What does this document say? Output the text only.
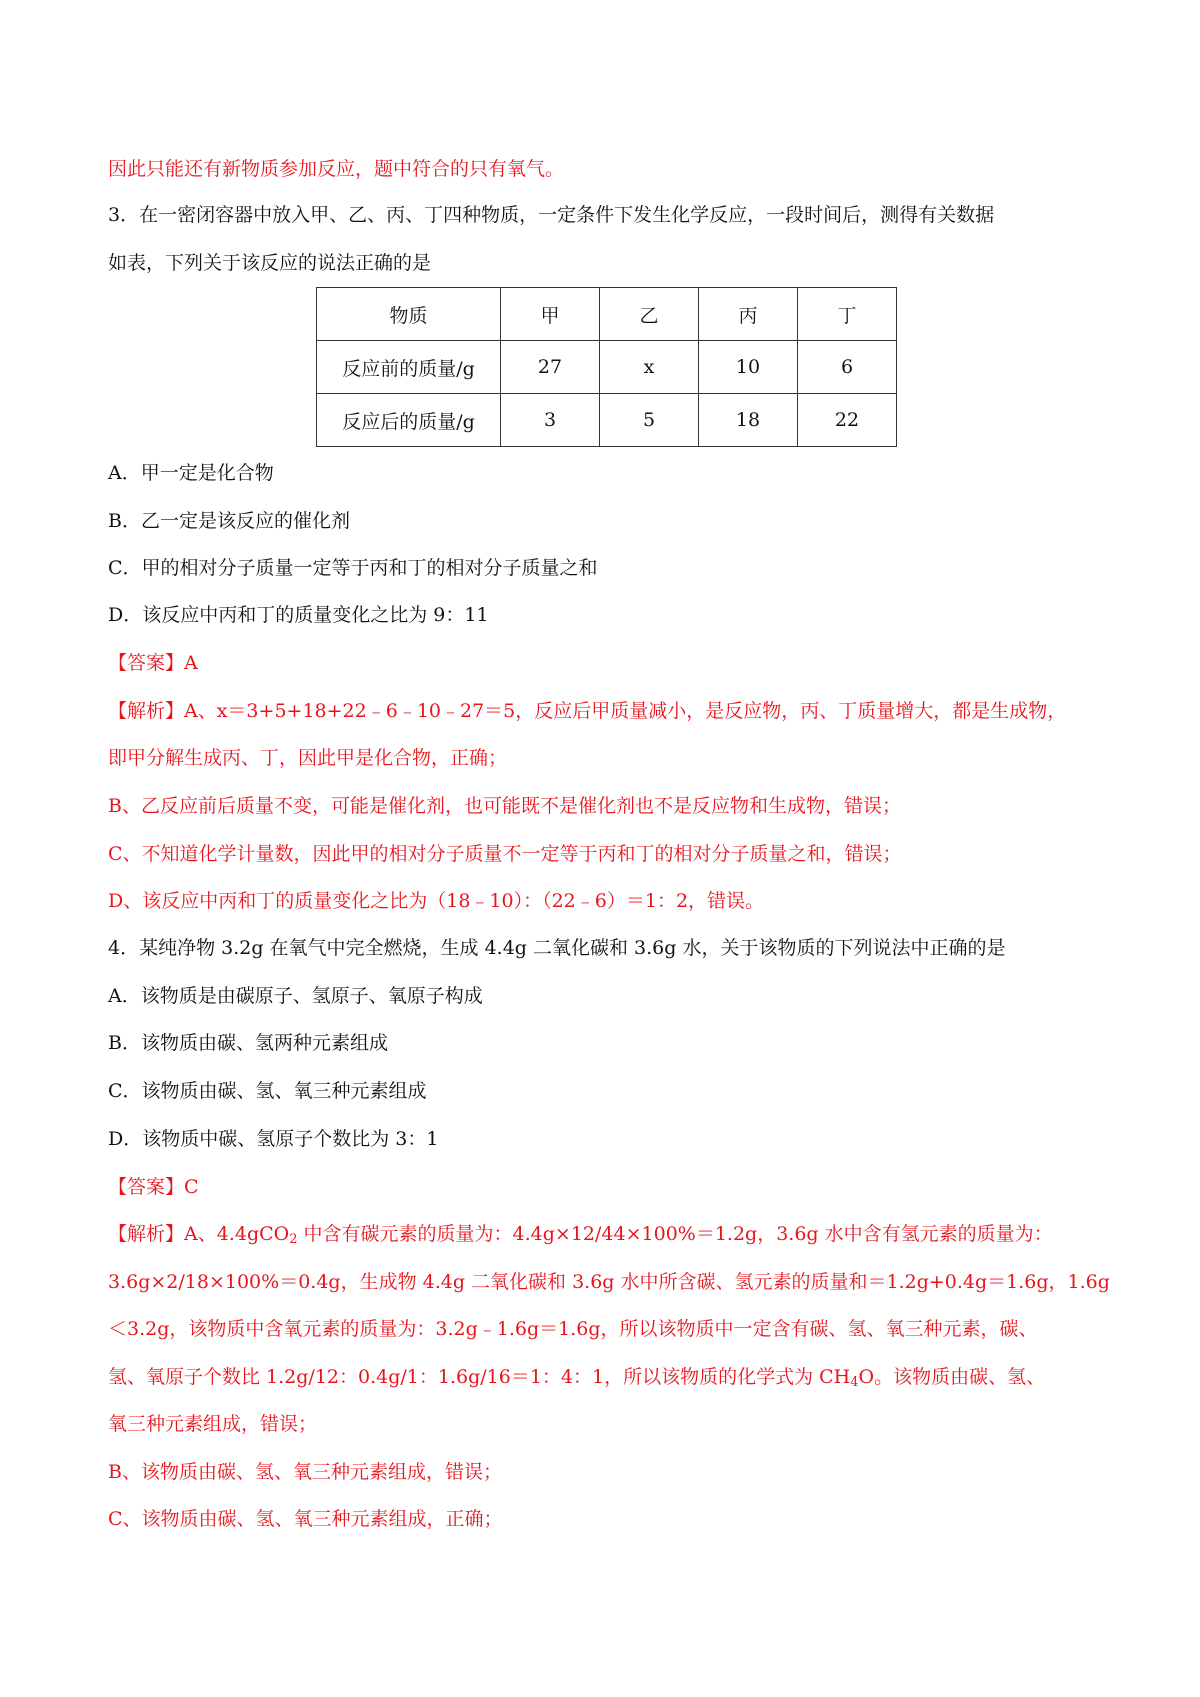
因此只能还有新物质参加反应，题中符合的只有氧气。
3．在一密闭容器中放入甲、乙、丙、丁四种物质，一定条件下发生化学反应，一段时间后，测得有关数据
如表，下列关于该反应的说法正确的是
物质	甲	乙	丙	丁
反应前的质量/g	27	x	10	6
反应后的质量/g	3	5	18	22
A．甲一定是化合物
B．乙一定是该反应的催化剂
C．甲的相对分子质量一定等于丙和丁的相对分子质量之和
D．该反应中丙和丁的质量变化之比为 9：11
【答案】A
【解析】A、x＝3+5+18+22﹣6﹣10﹣27＝5，反应后甲质量减小，是反应物，丙、丁质量增大，都是生成物，
即甲分解生成丙、丁，因此甲是化合物，正确；
B、乙反应前后质量不变，可能是催化剂，也可能既不是催化剂也不是反应物和生成物，错误；
C、不知道化学计量数，因此甲的相对分子质量不一定等于丙和丁的相对分子质量之和，错误；
D、该反应中丙和丁的质量变化之比为（18﹣10）：（22﹣6）＝1：2，错误。
4．某纯净物 3.2g 在氧气中完全燃烧，生成 4.4g 二氧化碳和 3.6g 水，关于该物质的下列说法中正确的是
A．该物质是由碳原子、氢原子、氧原子构成
B．该物质由碳、氢两种元素组成
C．该物质由碳、氢、氧三种元素组成
D．该物质中碳、氢原子个数比为 3：1
【答案】C
【解析】A、4.4gCO$_2$ 中含有碳元素的质量为：4.4g×12/44×100%＝1.2g，3.6g 水中含有氢元素的质量为：
3.6g×2/18×100%＝0.4g，生成物 4.4g 二氧化碳和 3.6g 水中所含碳、氢元素的质量和＝1.2g+0.4g＝1.6g，1.6g
＜3.2g，该物质中含氧元素的质量为：3.2g﹣1.6g＝1.6g，所以该物质中一定含有碳、氢、氧三种元素，碳、
氢、氧原子个数比 1.2g/12：0.4g/1：1.6g/16＝1：4：1，所以该物质的化学式为 $CH_4O$。该物质由碳、氢、
氧三种元素组成，错误；
B、该物质由碳、氢、氧三种元素组成，错误；
C、该物质由碳、氢、氧三种元素组成，正确；
